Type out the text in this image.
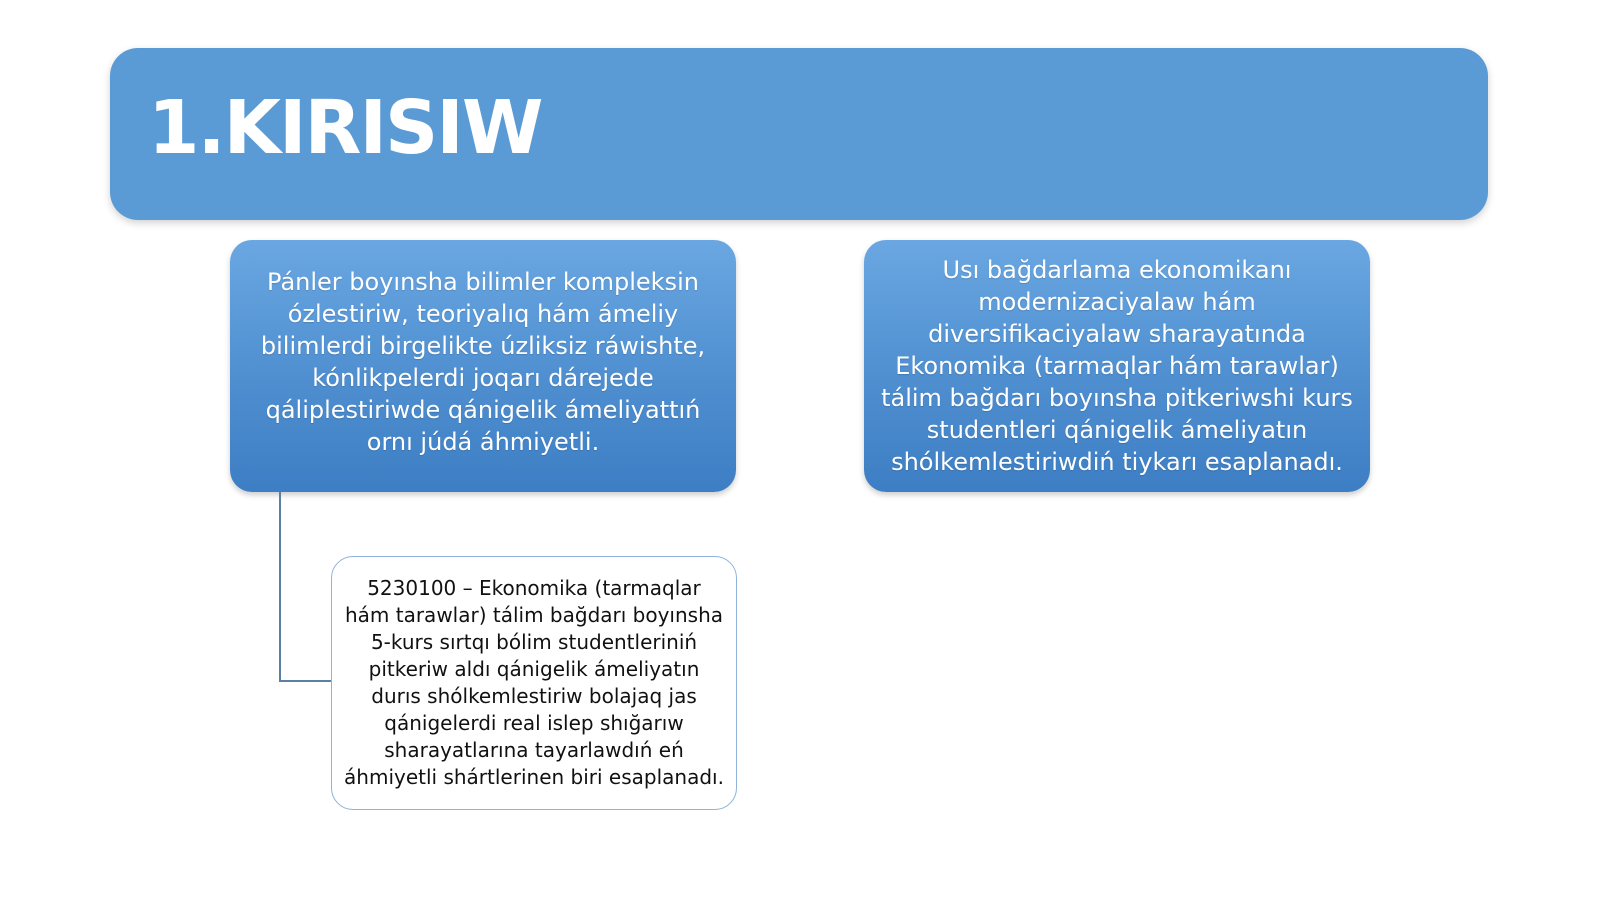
1.KIRISIW
Pánler boyınsha bilimler kompleksin ózlestiriw, teoriyalıq hám ámeliy bilimlerdi birgelikte úzliksiz ráwishte, kónlikpelerdi joqarı dárejede qáliplestiriwde qánigelik ámeliyattıń ornı júdá áhmiyetli.
Usı bağdarlama ekonomikanı modernizaciyalaw hám diversifikaciyalaw sharayatında Ekonomika (tarmaqlar hám tarawlar) tálim bağdarı boyınsha pitkeriwshi kurs studentleri qánigelik ámeliyatın shólkemlestiriwdiń tiykarı esaplanadı.
5230100 – Ekonomika (tarmaqlar hám tarawlar) tálim bağdarı boyınsha 5-kurs sırtqı bólim studentleriniń pitkeriw aldı qánigelik ámeliyatın durıs shólkemlestiriw bolajaq jas qánigelerdi real islep shığarıw sharayatlarına tayarlawdıń eń áhmiyetli shártlerinen biri esaplanadı.
